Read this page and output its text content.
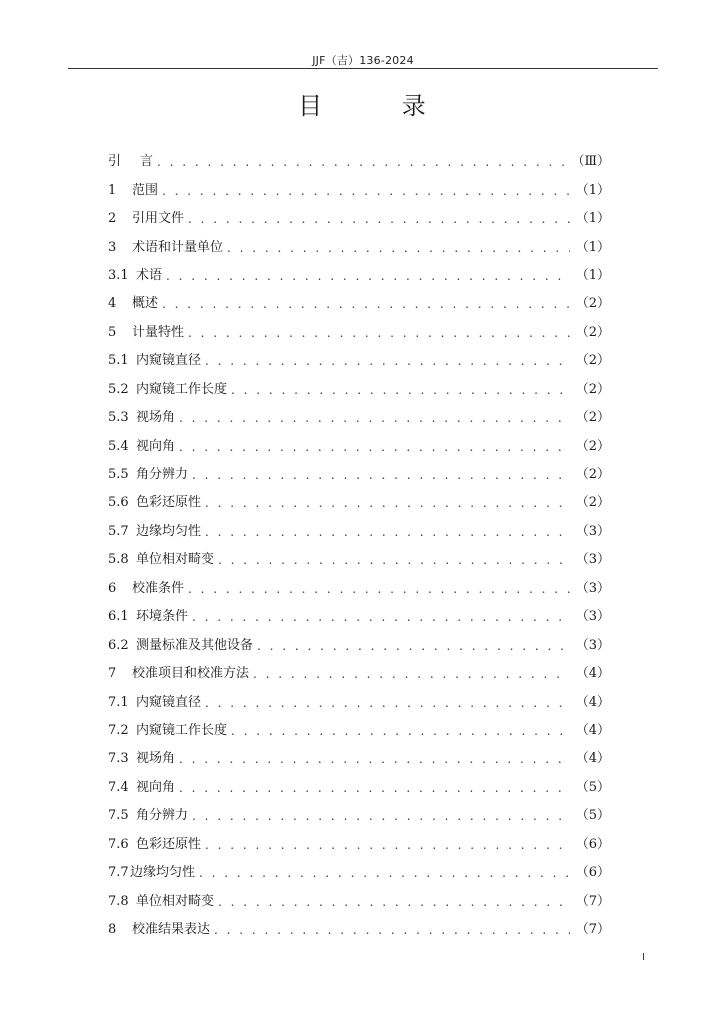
JJF（吉）136-2024
目 录
引	言 . . .	（Ⅲ）
1	范围 . . .	（1）
2	引用文件 . . .	（1）
3	术语和计量单位 . . .	（1）
3.1 术语 . . .	（1）
4	概述 . . .	（2）
5	计量特性 . . .	（2）
5.1 内窥镜直径 . . .	（2）
5.2 内窥镜工作长度 . . .	（2）
5.3 视场角 . . .	（2）
5.4 视向角 . . .	（2）
5.5 角分辨力 . . .	（2）
5.6 色彩还原性 . . .	（2）
5.7 边缘均匀性 . . .	（3）
5.8 单位相对畸变 . . .	（3）
6	校准条件 . . .	（3）
6.1 环境条件 . . .	（3）
6.2 测量标准及其他设备 . . .	（3）
7	校准项目和校准方法 . . .	（4）
7.1 内窥镜直径 . . .	（4）
7.2 内窥镜工作长度 . . .	（4）
7.3 视场角 . . .	（4）
7.4 视向角 . . .	（5）
7.5 角分辨力 . . .	（5）
7.6 色彩还原性 . . .	（6）
7.7 边缘均匀性 . . .	（6）
7.8 单位相对畸变 . . .	（7）
8	校准结果表达 . . .	（7）
I
